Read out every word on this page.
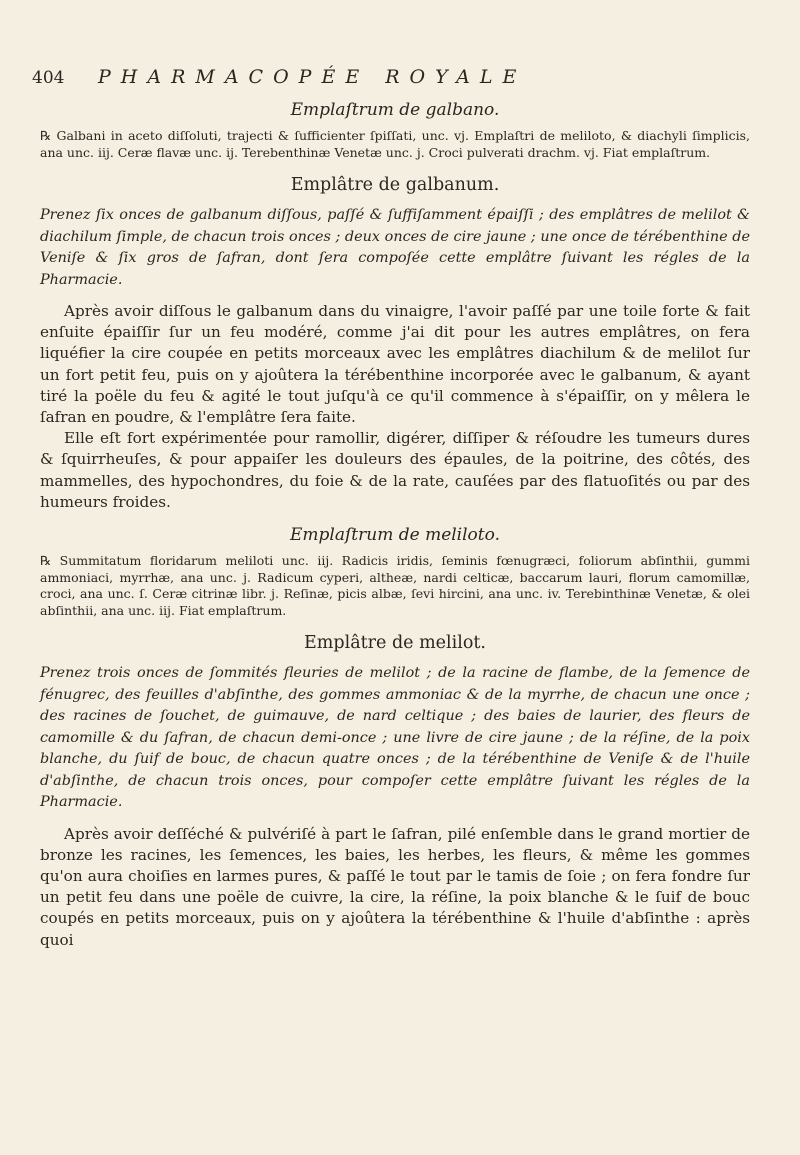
404	PHARMACOPÉE ROYALE

Emplaſtrum de galbano.

℞ Galbani in aceto diſſoluti, trajecti & ſufficienter ſpiſſati, unc. vj. Emplaſtri de meliloto, & diachyli ſimplicis, ana unc. iij. Ceræ flavæ unc. ij. Terebenthinæ Venetæ unc. j. Croci pulverati drachm. vj. Fiat emplaſtrum.

Emplâtre de galbanum.

Prenez ſix onces de galbanum diſſous, paſſé & ſuffiſamment épaiſſi ; des emplâtres de melilot & diachilum ſimple, de chacun trois onces ; deux onces de cire jaune ; une once de térébenthine de Veniſe & ſix gros de ſafran, dont ſera compoſée cette emplâtre ſuivant les régles de la Pharmacie.

Après avoir diſſous le galbanum dans du vinaigre, l'avoir paſſé par une toile forte & fait enſuite épaiſſir ſur un feu modéré, comme j'ai dit pour les autres emplâtres, on fera liquéfier la cire coupée en petits morceaux avec les emplâtres diachilum & de melilot ſur un fort petit feu, puis on y ajoûtera la térébenthine incorporée avec le galbanum, & ayant tiré la poële du feu & agité le tout juſqu'à ce qu'il commence à s'épaiſſir, on y mêlera le ſafran en poudre, & l'emplâtre ſera faite.

Elle eſt fort expérimentée pour ramollir, digérer, diſſiper & réſoudre les tumeurs dures & ſquirrheuſes, & pour appaiſer les douleurs des épaules, de la poitrine, des côtés, des mammelles, des hypochondres, du foie & de la rate, cauſées par des flatuoſités ou par des humeurs froides.

Emplaſtrum de meliloto.

℞ Summitatum floridarum meliloti unc. iij. Radicis iridis, ſeminis fœnugræci, foliorum abſinthii, gummi ammoniaci, myrrhæ, ana unc. j. Radicum cyperi, altheæ, nardi celticæ, baccarum lauri, florum camomillæ, croci, ana unc. ſ. Ceræ citrinæ libr. j. Reſinæ, picis albæ, ſevi hircini, ana unc. iv. Terebinthinæ Venetæ, & olei abſinthii, ana unc. iij. Fiat emplaſtrum.

Emplâtre de melilot.

Prenez trois onces de ſommités fleuries de melilot ; de la racine de flambe, de la ſemence de fénugrec, des feuilles d'abſinthe, des gommes ammoniac & de la myrrhe, de chacun une once ; des racines de ſouchet, de guimauve, de nard celtique ; des baies de laurier, des fleurs de camomille & du ſafran, de chacun demi-once ; une livre de cire jaune ; de la réſine, de la poix blanche, du ſuif de bouc, de chacun quatre onces ; de la térébenthine de Veniſe & de l'huile d'abſinthe, de chacun trois onces, pour compoſer cette emplâtre ſuivant les régles de la Pharmacie.

Après avoir deſſéché & pulvériſé à part le ſafran, pilé enſemble dans le grand mortier de bronze les racines, les ſemences, les baies, les herbes, les fleurs, & même les gommes qu'on aura choiſies en larmes pures, & paſſé le tout par le tamis de ſoie ; on fera fondre ſur un petit feu dans une poële de cuivre, la cire, la réſine, la poix blanche & le ſuif de bouc coupés en petits morceaux, puis on y ajoûtera la térébenthine & l'huile d'abſinthe : après quoi
